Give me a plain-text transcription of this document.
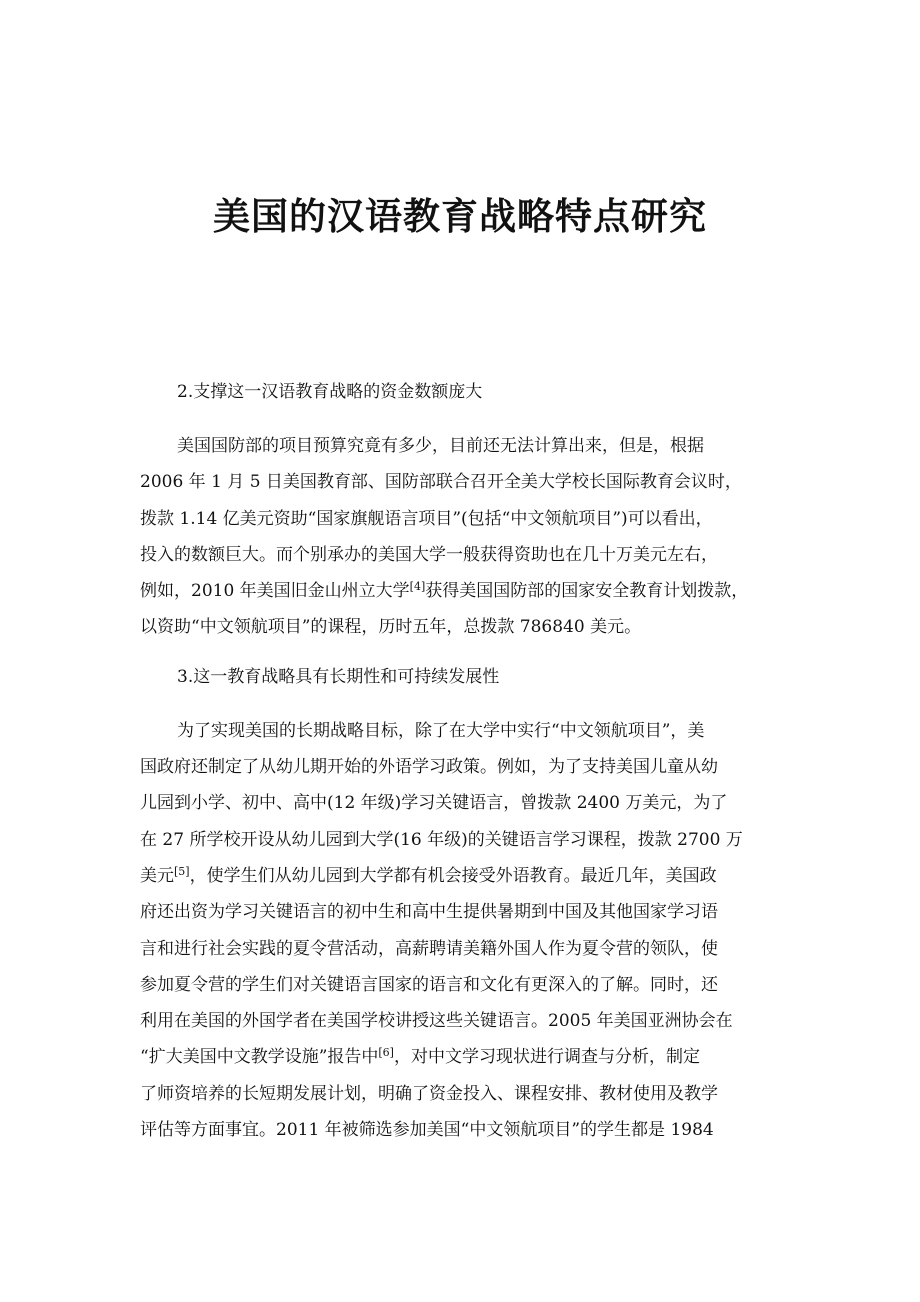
美国的汉语教育战略特点研究
2.支撑这一汉语教育战略的资金数额庞大
美国国防部的项目预算究竟有多少，目前还无法计算出来，但是，根据
2006 年 1 月 5 日美国教育部、国防部联合召开全美大学校长国际教育会议时，
拨款 1.14 亿美元资助“国家旗舰语言项目”(包括“中文领航项目”)可以看出，
投入的数额巨大。而个别承办的美国大学一般获得资助也在几十万美元左右，
例如，2010 年美国旧金山州立大学[4]获得美国国防部的国家安全教育计划拨款，
以资助“中文领航项目”的课程，历时五年，总拨款 786840 美元。
3.这一教育战略具有长期性和可持续发展性
为了实现美国的长期战略目标，除了在大学中实行“中文领航项目”，美
国政府还制定了从幼儿期开始的外语学习政策。例如，为了支持美国儿童从幼
儿园到小学、初中、高中(12 年级)学习关键语言，曾拨款 2400 万美元，为了
在 27 所学校开设从幼儿园到大学(16 年级)的关键语言学习课程，拨款 2700 万
美元[5]，使学生们从幼儿园到大学都有机会接受外语教育。最近几年，美国政
府还出资为学习关键语言的初中生和高中生提供暑期到中国及其他国家学习语
言和进行社会实践的夏令营活动，高薪聘请美籍外国人作为夏令营的领队，使
参加夏令营的学生们对关键语言国家的语言和文化有更深入的了解。同时，还
利用在美国的外国学者在美国学校讲授这些关键语言。2005 年美国亚洲协会在
“扩大美国中文教学设施”报告中[6]，对中文学习现状进行调查与分析，制定
了师资培养的长短期发展计划，明确了资金投入、课程安排、教材使用及教学
评估等方面事宜。2011 年被筛选参加美国“中文领航项目”的学生都是 1984
